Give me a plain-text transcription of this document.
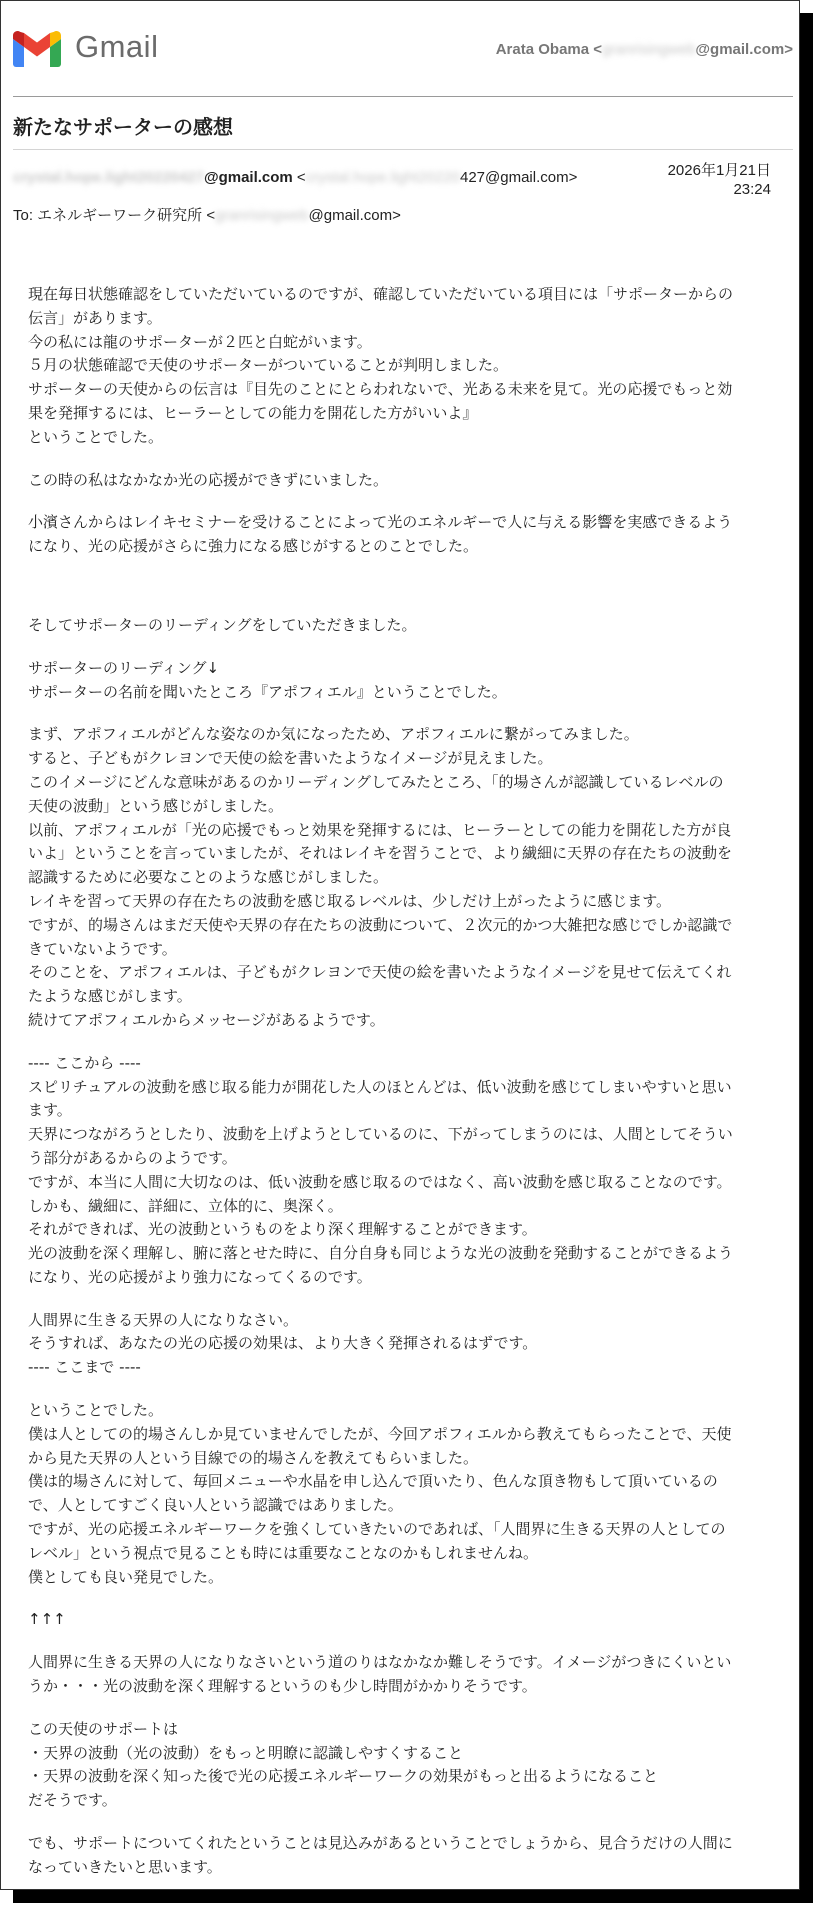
Gmail	Arata Obama <granrisingweb@gmail.com>
新たなサポーターの感想
crystal.hope.light20220427@gmail.com <crystal.hope.light20220427@gmail.com>	2026年1月21日
23:24
To: エネルギーワーク研究所 <granrisingweb@gmail.com>
現在毎日状態確認をしていただいているのですが、確認していただいている項目には「サポーターからの
伝言」があります。
今の私には龍のサポーターが２匹と白蛇がいます。
５月の状態確認で天使のサポーターがついていることが判明しました。
サポーターの天使からの伝言は『目先のことにとらわれないで、光ある未来を見て。光の応援でもっと効
果を発揮するには、ヒーラーとしての能力を開花した方がいいよ』
ということでした。
この時の私はなかなか光の応援ができずにいました。
小濱さんからはレイキセミナーを受けることによって光のエネルギーで人に与える影響を実感できるよう
になり、光の応援がさらに強力になる感じがするとのことでした。
そしてサポーターのリーディングをしていただきました。
サポーターのリーディング↓
サポーターの名前を聞いたところ『アポフィエル』ということでした。
まず、アポフィエルがどんな姿なのか気になったため、アポフィエルに繋がってみました。
すると、子どもがクレヨンで天使の絵を書いたようなイメージが見えました。
このイメージにどんな意味があるのかリーディングしてみたところ、「的場さんが認識しているレベルの
天使の波動」という感じがしました。
以前、アポフィエルが「光の応援でもっと効果を発揮するには、ヒーラーとしての能力を開花した方が良
いよ」ということを言っていましたが、それはレイキを習うことで、より繊細に天界の存在たちの波動を
認識するために必要なことのような感じがしました。
レイキを習って天界の存在たちの波動を感じ取るレベルは、少しだけ上がったように感じます。
ですが、的場さんはまだ天使や天界の存在たちの波動について、２次元的かつ大雑把な感じでしか認識で
きていないようです。
そのことを、アポフィエルは、子どもがクレヨンで天使の絵を書いたようなイメージを見せて伝えてくれ
たような感じがします。
続けてアポフィエルからメッセージがあるようです。
---- ここから ----
スピリチュアルの波動を感じ取る能力が開花した人のほとんどは、低い波動を感じてしまいやすいと思い
ます。
天界につながろうとしたり、波動を上げようとしているのに、下がってしまうのには、人間としてそうい
う部分があるからのようです。
ですが、本当に人間に大切なのは、低い波動を感じ取るのではなく、高い波動を感じ取ることなのです。
しかも、繊細に、詳細に、立体的に、奥深く。
それができれば、光の波動というものをより深く理解することができます。
光の波動を深く理解し、腑に落とせた時に、自分自身も同じような光の波動を発動することができるよう
になり、光の応援がより強力になってくるのです。
人間界に生きる天界の人になりなさい。
そうすれば、あなたの光の応援の効果は、より大きく発揮されるはずです。
---- ここまで ----
ということでした。
僕は人としての的場さんしか見ていませんでしたが、今回アポフィエルから教えてもらったことで、天使
から見た天界の人という目線での的場さんを教えてもらいました。
僕は的場さんに対して、毎回メニューや水晶を申し込んで頂いたり、色んな頂き物もして頂いているの
で、人としてすごく良い人という認識ではありました。
ですが、光の応援エネルギーワークを強くしていきたいのであれば、「人間界に生きる天界の人としての
レベル」という視点で見ることも時には重要なことなのかもしれませんね。
僕としても良い発見でした。
↑↑↑
人間界に生きる天界の人になりなさいという道のりはなかなか難しそうです。イメージがつきにくいとい
うか・・・光の波動を深く理解するというのも少し時間がかかりそうです。
この天使のサポートは
・天界の波動（光の波動）をもっと明瞭に認識しやすくすること
・天界の波動を深く知った後で光の応援エネルギーワークの効果がもっと出るようになること
だそうです。
でも、サポートについてくれたということは見込みがあるということでしょうから、見合うだけの人間に
なっていきたいと思います。
